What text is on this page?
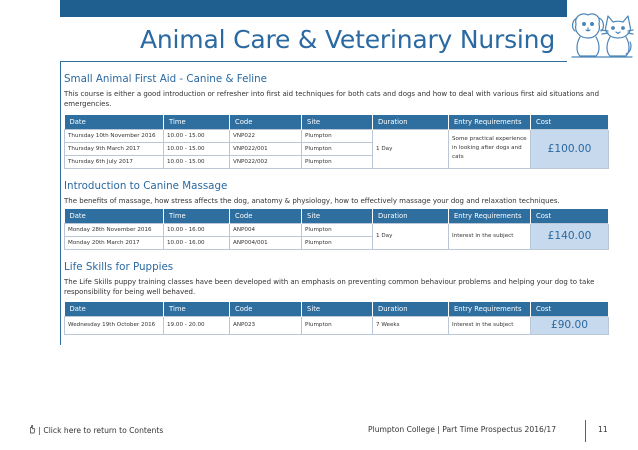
Animal Care & Veterinary Nursing
Small Animal First Aid - Canine & Feline
This course is either a good introduction or refresher into first aid techniques for both cats and dogs and how to deal with various first aid situations and emergencies.
Date	Time	Code	Site	Duration	Entry Requirements	Cost
Thursday 10th November 2016	10.00 - 15.00	VNP022	Plumpton	1 Day	Some practical experience in looking after dogs and cats	£100.00
Thursday 9th March 2017	10.00 - 15.00	VNP022/001	Plumpton			
Thursday 6th July 2017	10.00 - 15.00	VNP022/002	Plumpton			
Introduction to Canine Massage
The benefits of massage, how stress affects the dog, anatomy & physiology, how to effectively massage your dog and relaxation techniques.
Date	Time	Code	Site	Duration	Entry Requirements	Cost
Monday 28th November 2016	10.00 - 16.00	ANP004	Plumpton	1 Day	Interest in the subject	£140.00
Monday 20th March 2017	10.00 - 16.00	ANP004/001	Plumpton			
Life Skills for Puppies
The Life Skills puppy training classes have been developed with an emphasis on preventing common behaviour problems and helping your dog to take responsibility for being well behaved.
Date	Time	Code	Site	Duration	Entry Requirements	Cost
Wednesday 19th October 2016	19.00 - 20.00	ANP023	Plumpton	7 Weeks	Interest in the subject	£90.00
| Click here to return to Contents	Plumpton College | Part Time Prospectus 2016/17	11
